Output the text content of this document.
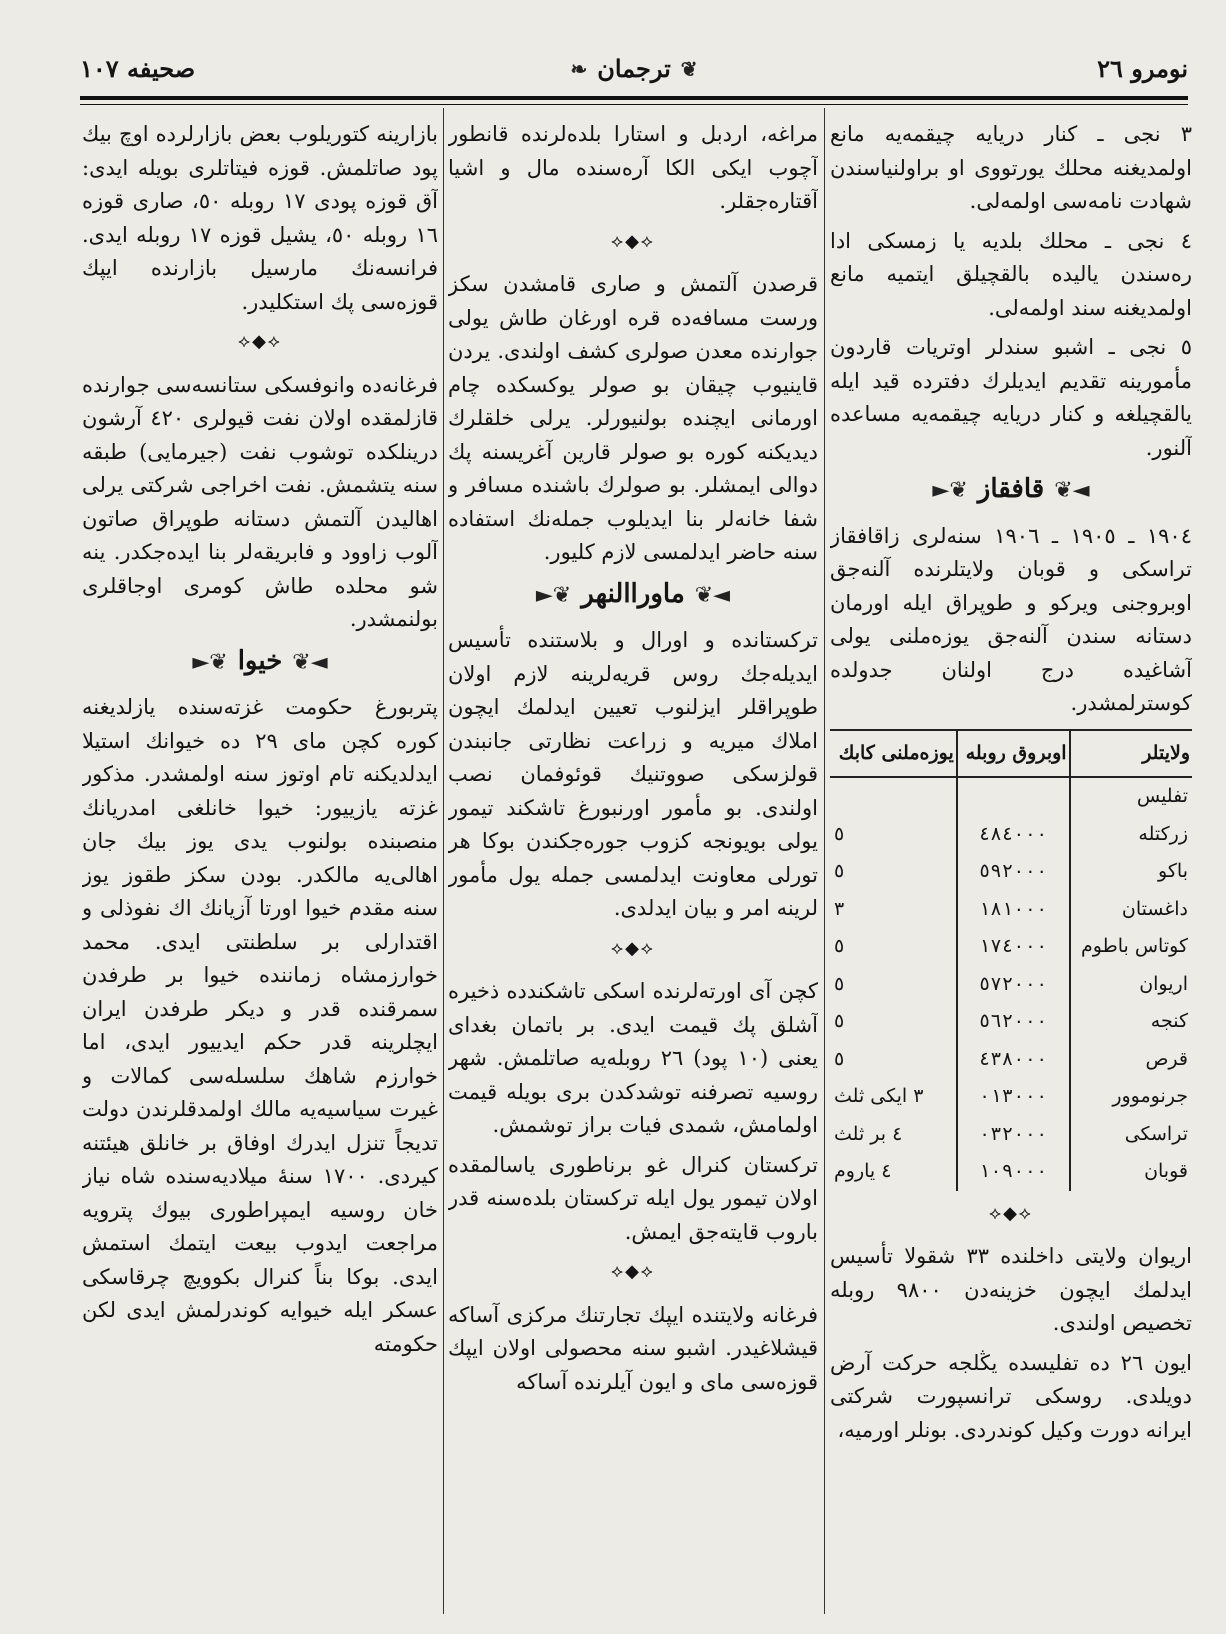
نومرو ٢٦
❦
ترجمان
❧
صحيفه ١٠٧

٣ نجی ـ كنار دریایه چیقمه‌یه مانع اولمدیغنه محلك یورتووی او براولنیاسندن شهادت نامه‌سی اولمه‌لی.

٤ نجی ـ محلك بلدیه یا زمسكی ادا ره‌سندن یالیده بالقچیلق ایتمیه مانع اولمدیغنه سند اولمه‌لی.

٥ نجی ـ اشبو سندلر اوتریات قاردون مأمورینه تقدیم ایدیلرك دفترده قید ایله یالقچیلغه و كنار دریایه چیقمه‌یه مساعده آلنور.

◄❦قافقاز❦►

١٩٠٤ ـ ١٩٠٥ ـ ١٩٠٦ سنه‌لری زاقافقاز تراسكی و قوبان ولایتلرنده آلنه‌جق اوبروجنی ویركو و طوپراق ایله اورمان دستانه سندن آلنه‌جق یوزه‌ملنی یولی آشاغیده درج اولنان جدولده كوسترلمشدر.

ولایتلر	اوبروق روبله	یوزه‌ملنی كابك
تفلیس		
زركتله	٤٨٤٠٠٠	٥
باكو	٥٩٢٠٠٠	٥
داغستان	١٨١٠٠٠	٣
كوتاس باطوم	١٧٤٠٠٠	٥
اریوان	٥٧٢٠٠٠	٥
كنجه	٥٦٢٠٠٠	٥
قرص	٤٣٨٠٠٠	٥
جرنوموور	٠١٣٠٠٠	٣ ایكی ثلث
تراسكی	٠٣٢٠٠٠	٤ بر ثلث
قوبان	١٠٩٠٠٠	٤ یاروم
⟡◆⟡

اریوان ولایتی داخلنده ٣٣ شقولا تأسیس ایدلمك ایچون خزینه‌دن ٩٨٠٠ روبله تخصیص اولندی.

ایون ٢٦ ده تفلیسده یڭلجه حركت آرض دویلدی. روسكی ترانسپورت شركتی ایرانه دورت وكیل كوندردی. بونلر اورمیه،

مراغه، اردبل و استارا بلده‌لرنده قانطور آچوب ایكی الكا آره‌سنده مال و اشیا آقتاره‌جقلر.

⟡◆⟡

قرصدن آلتمش و صاری قامشدن سكز ورست مسافه‌ده قره اورغان طاش یولی جوارنده معدن صولری كشف اولندی. یردن قاینیوب چیقان بو صولر یوكسكده چام اورمانی ایچنده بولنیورلر. یرلی خلقلرك دیدیكنه كوره بو صولر قارین آغریسنه پك دوالی ایمشلر. بو صولرك باشنده مسافر و شفا خانه‌لر بنا ایدیلوب جمله‌نك استفاده سنه حاضر ایدلمسی لازم كلیور.

◄❦ماوراالنهر❦►

تركستانده و اورال و بلاستنده تأسیس ایدیله‌جك روس قریه‌لرینه لازم اولان طوپراقلر ایزلنوب تعیین ایدلمك ایچون املاك میریه و زراعت نظارتی جانبندن قولزسكی صووتنیك قوئوفمان نصب اولندی. بو مأمور اورنبورغ تاشكند تیمور یولی بویونجه كزوب جوره‌جكندن بوكا هر تورلی معاونت ایدلمسی جمله یول مأمور لرینه امر و بیان ایدلدی.

⟡◆⟡

كچن آی اورته‌لرنده اسكی تاشكندده ذخیره آشلق پك قیمت ایدی. بر باتمان بغدای یعنی (١٠ پود) ٢٦ روبله‌یه صاتلمش. شهر روسیه تصرفنه توشدكدن بری بویله قیمت اولمامش، شمدی فیات براز توشمش.

تركستان كنرال غو برناطوری یاسالمقده اولان تیمور یول ایله تركستان بلده‌سنه قدر باروب قایته‌جق ایمش.

⟡◆⟡

فرغانه ولایتنده ایپك تجارتنك مركزی آساكه قیشلاغیدر. اشبو سنه محصولی اولان ایپك قوزه‌سی مای و ایون آیلرنده آساكه

بازارینه كتوریلوب بعض بازارلرده اوچ بیك پود صاتلمش. قوزه فیتاتلری بویله ایدی: آق قوزه پودی ١٧ روبله ٥٠، صاری قوزه ١٦ روبله ٥٠، یشیل قوزه ١٧ روبله ایدی. فرانسه‌نك مارسیل بازارنده ایپك قوزه‌سی پك استكلیدر.

⟡◆⟡

فرغانه‌ده وانوفسكی ستانسه‌سی جوارنده قازلمقده اولان نفت قیولری ٤٢٠ آرشون درینلكده توشوب نفت (جیرمایی) طبقه سنه یتشمش. نفت اخراجی شركتی یرلی اهالیدن آلتمش دستانه طوپراق صاتون آلوب زاوود و فابریقه‌لر بنا ایده‌جكدر. ینه شو محلده طاش كومری اوجاقلری بولنمشدر.

◄❦خیوا❦►

پتربورغ حكومت غزته‌سنده یازلدیغنه كوره كچن مای ٢٩ ده خیوانك استیلا ایدلدیكنه تام اوتوز سنه اولمشدر. مذكور غزته یازییور: خیوا خانلغی امدریانك منصبنده بولنوب یدی یوز بیك جان اهالی‌یه مالكدر. بودن سكز طقوز یوز سنه مقدم خیوا اورتا آزیانك اك نفوذلی و اقتدارلی بر سلطنتی ایدی. محمد خوارزمشاه زماننده خیوا بر طرفدن سمرقنده قدر و دیكر طرفدن ایران ایچلرینه قدر حكم ایدییور ایدی، اما خوارزم شاهك سلسله‌سی كمالات و غیرت سیاسیه‌یه مالك اولمدقلرندن دولت تدیجاً تنزل ایدرك اوفاق بر خانلق هیئتنه كیردی. ١٧٠٠ سنهٔ میلادیه‌سنده شاه نیاز خان روسیه ایمپراطوری بیوك پترویه مراجعت ایدوب بیعت ایتمك استمش ایدی. بوكا بناً كنرال بكوویچ چرقاسكی عسكر ایله خیوایه كوندرلمش ایدی لكن حكومته
